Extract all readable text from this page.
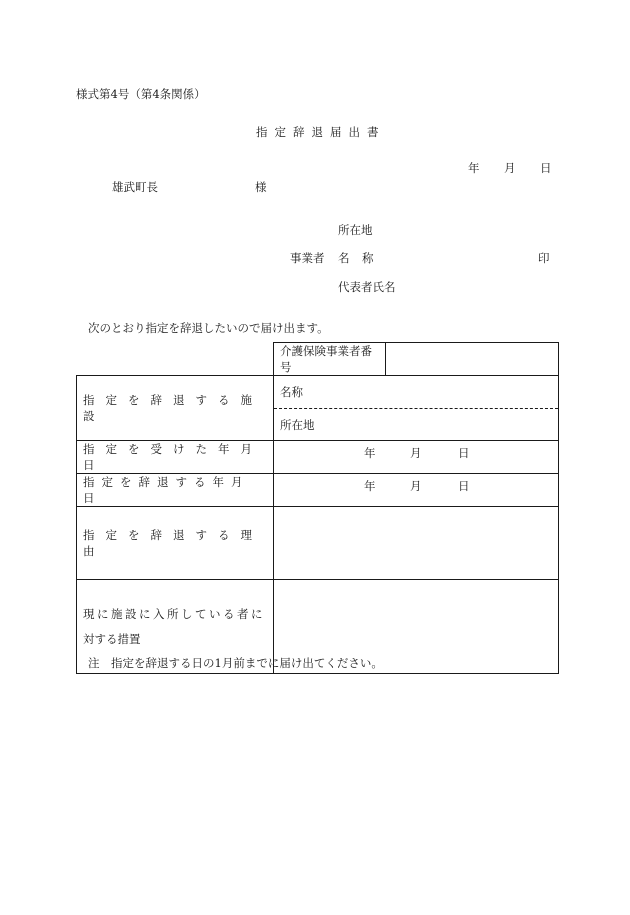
様式第4号（第4条関係）
指定辞退届出書
年 月 日
雄武町長	様
所在地
事業者 名 称	印
代表者氏名
次のとおり指定を辞退したいので届け出ます。
	介護保険事業者番号	

指定を辞退する施設	名称
所在地	

指定を受けた年月日	年 月 日	

指定を辞退する年月日	年 月 日	

指定を辞退する理由		

現に施設に入所している者に
対する措置		

注　指定を辞退する日の1月前までに届け出てください。
